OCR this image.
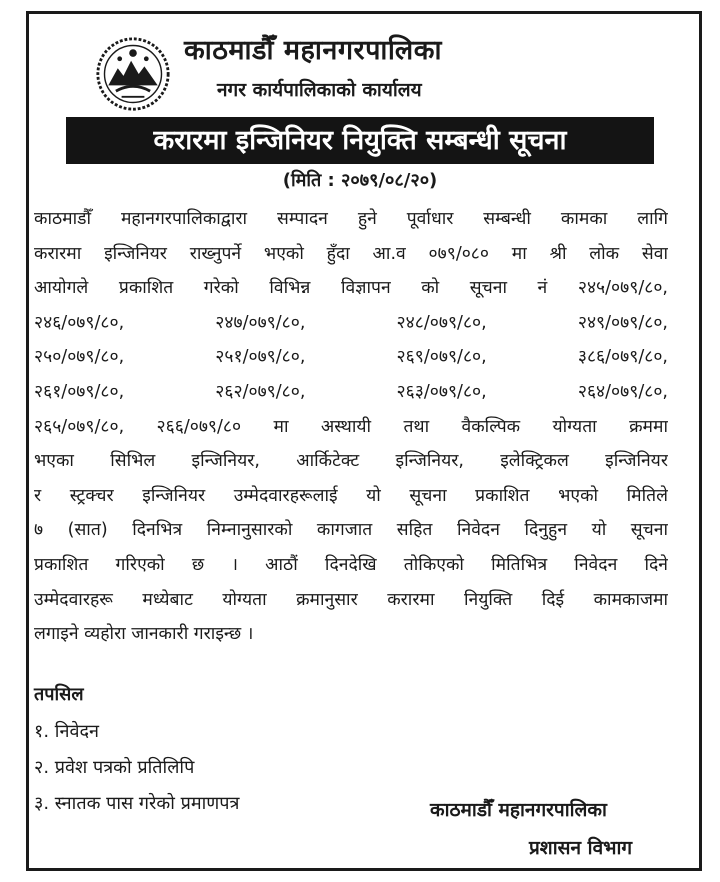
काठमाडौँ महानगरपालिका
नगर कार्यपालिकाको कार्यालय
करारमा इन्जिनियर नियुक्ति सम्बन्धी सूचना
(मिति : २०७९/०८/२०)
काठमाडौँ महानगरपालिकाद्वारा सम्पादन हुने पूर्वाधार सम्बन्धी कामका लागि
करारमा इन्जिनियर राख्नुपर्ने भएको हुँदा आ.व ०७९/०८० मा श्री लोक सेवा
आयोगले प्रकाशित गरेको विभिन्न विज्ञापन को सूचना नं २४५/०७९/८०,
२४६/०७९/८०, २४७/०७९/८०, २४८/०७९/८०, २४९/०७९/८०,
२५०/०७९/८०, २५१/०७९/८०, २६९/०७९/८०, ३८६/०७९/८०,
२६१/०७९/८०, २६२/०७९/८०, २६३/०७९/८०, २६४/०७९/८०,
२६५/०७९/८०, २६६/०७९/८० मा अस्थायी तथा वैकल्पिक योग्यता क्रममा
भएका सिभिल इन्जिनियर, आर्किटेक्ट इन्जिनियर, इलेक्ट्रिकल इन्जिनियर
र स्ट्रक्चर इन्जिनियर उम्मेदवारहरूलाई यो सूचना प्रकाशित भएको मितिले
७ (सात) दिनभित्र निम्नानुसारको कागजात सहित निवेदन दिनुहुन यो सूचना
प्रकाशित गरिएको छ । आठौं दिनदेखि तोकिएको मितिभित्र निवेदन दिने
उम्मेदवारहरू मध्येबाट योग्यता क्रमानुसार करारमा नियुक्ति दिई कामकाजमा
लगाइने व्यहोरा जानकारी गराइन्छ ।
तपसिल
१. निवेदन
२. प्रवेश पत्रको प्रतिलिपि
३. स्नातक पास गरेको प्रमाणपत्र	काठमाडौँ महानगरपालिका
प्रशासन विभाग
